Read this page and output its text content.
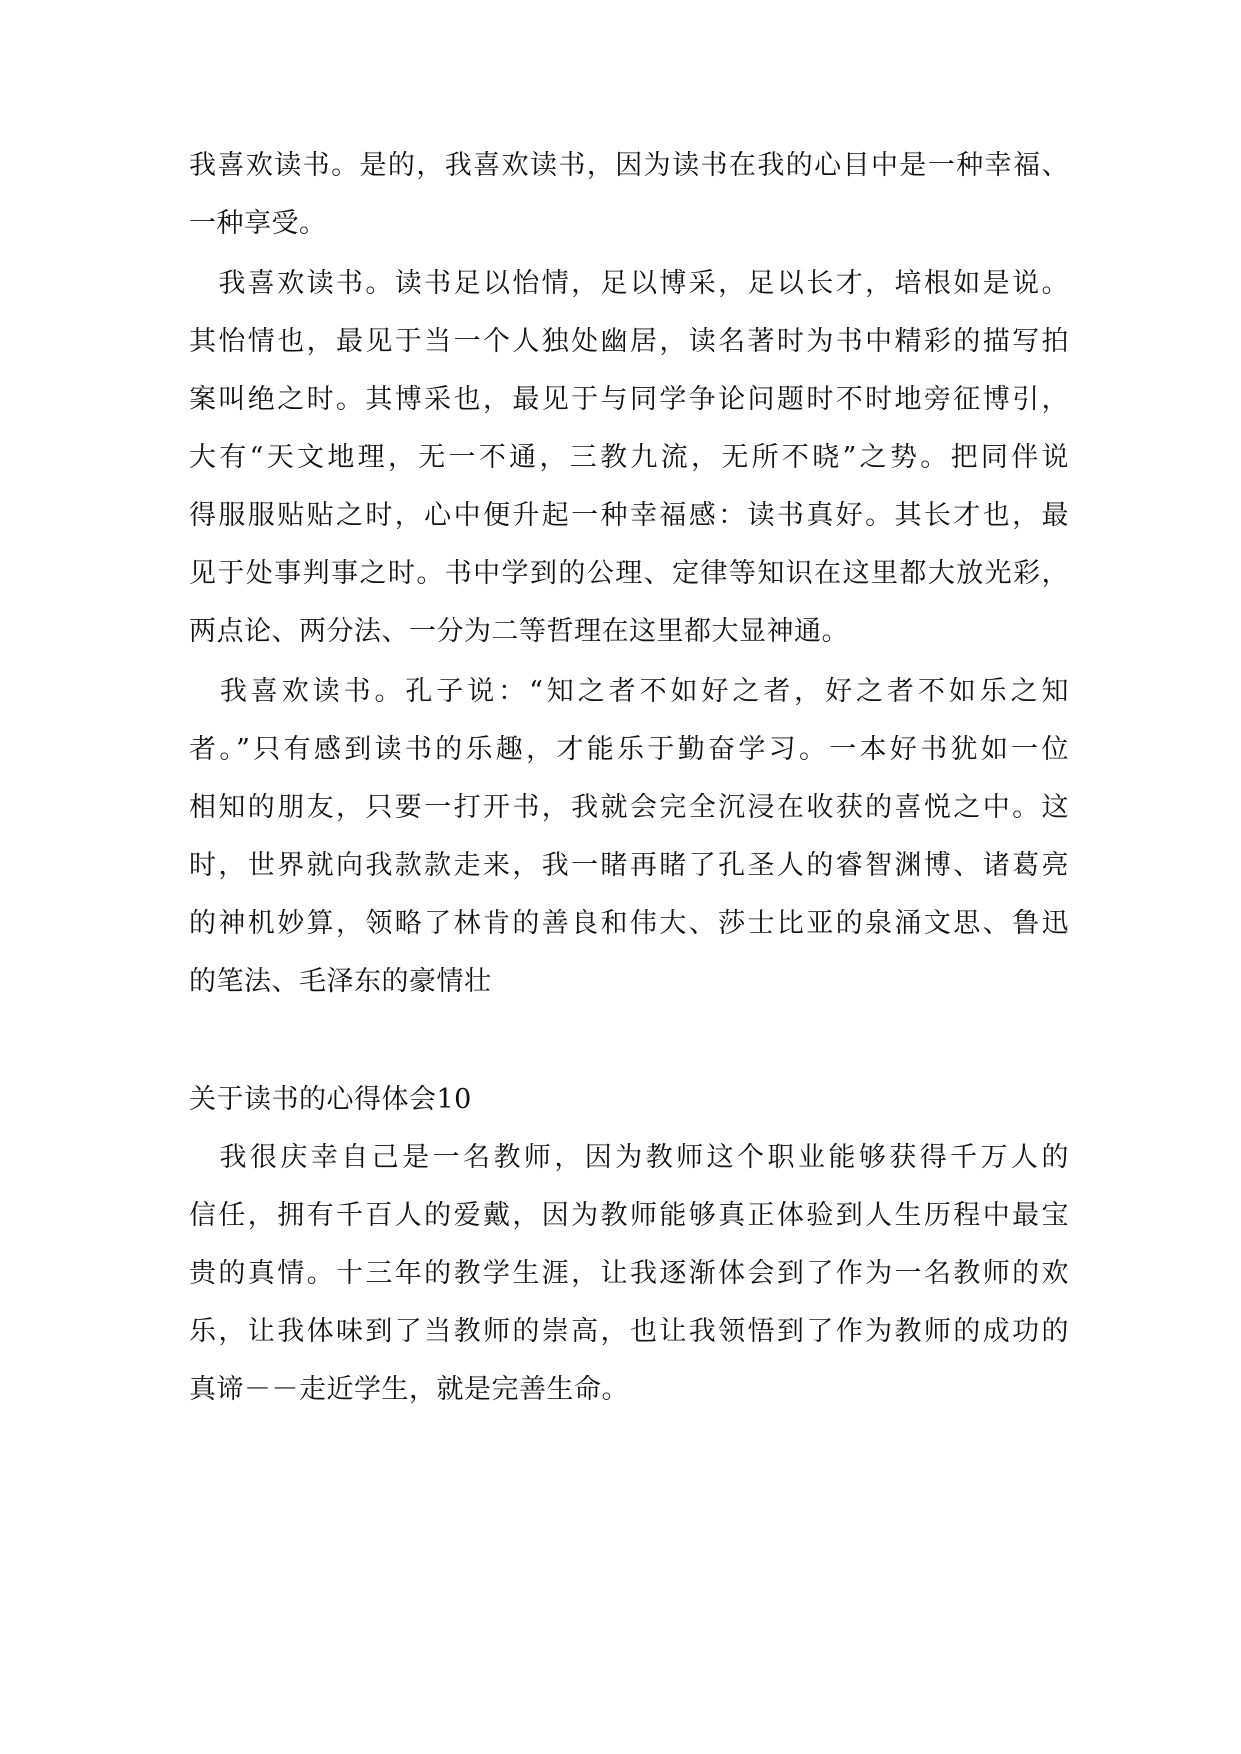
我喜欢读书。是的，我喜欢读书，因为读书在我的心目中是一种幸福、
一种享受。
　我喜欢读书。读书足以怡情，足以博采，足以长才，培根如是说。
其怡情也，最见于当一个人独处幽居，读名著时为书中精彩的描写拍
案叫绝之时。其博采也，最见于与同学争论问题时不时地旁征博引，
大有“天文地理，无一不通，三教九流，无所不晓”之势。把同伴说
得服服贴贴之时，心中便升起一种幸福感：读书真好。其长才也，最
见于处事判事之时。书中学到的公理、定律等知识在这里都大放光彩，
两点论、两分法、一分为二等哲理在这里都大显神通。
　我喜欢读书。孔子说：“知之者不如好之者，好之者不如乐之知
者。”只有感到读书的乐趣，才能乐于勤奋学习。一本好书犹如一位
相知的朋友，只要一打开书，我就会完全沉浸在收获的喜悦之中。这
时，世界就向我款款走来，我一睹再睹了孔圣人的睿智渊博、诸葛亮
的神机妙算，领略了林肯的善良和伟大、莎士比亚的泉涌文思、鲁迅
的笔法、毛泽东的豪情壮
关于读书的心得体会10
　我很庆幸自己是一名教师，因为教师这个职业能够获得千万人的
信任，拥有千百人的爱戴，因为教师能够真正体验到人生历程中最宝
贵的真情。十三年的教学生涯，让我逐渐体会到了作为一名教师的欢
乐，让我体味到了当教师的崇高，也让我领悟到了作为教师的成功的
真谛－－走近学生，就是完善生命。
